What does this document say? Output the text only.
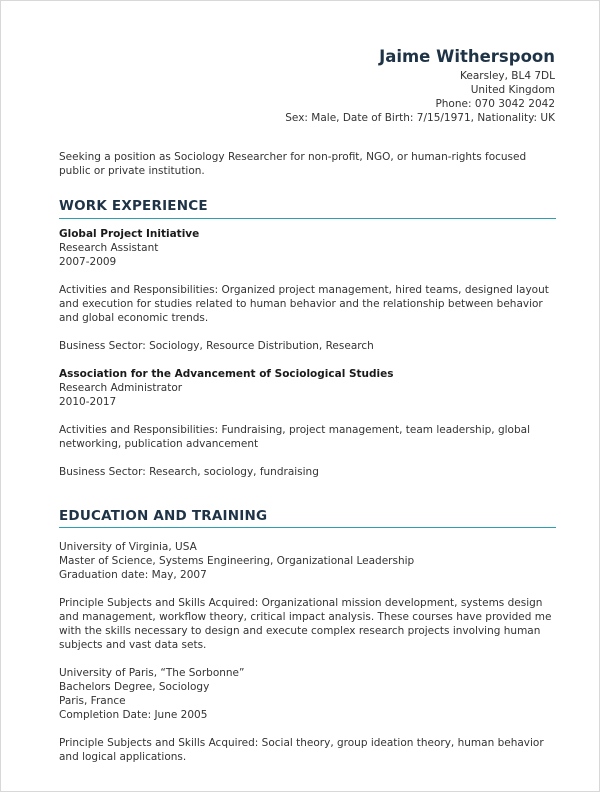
Jaime Witherspoon
Kearsley, BL4 7DL
United Kingdom
Phone: 070 3042 2042
Sex: Male, Date of Birth: 7/15/1971, Nationality: UK
Seeking a position as Sociology Researcher for non-profit, NGO, or human-rights focused public or private institution.
WORK EXPERIENCE
Global Project Initiative
Research Assistant
2007-2009
Activities and Responsibilities: Organized project management, hired teams, designed layout and execution for studies related to human behavior and the relationship between behavior and global economic trends.
Business Sector: Sociology, Resource Distribution, Research
Association for the Advancement of Sociological Studies
Research Administrator
2010-2017
Activities and Responsibilities: Fundraising, project management, team leadership, global networking, publication advancement
Business Sector: Research, sociology, fundraising
EDUCATION AND TRAINING
University of Virginia, USA
Master of Science, Systems Engineering, Organizational Leadership
Graduation date: May, 2007
Principle Subjects and Skills Acquired: Organizational mission development, systems design and management, workflow theory, critical impact analysis. These courses have provided me with the skills necessary to design and execute complex research projects involving human subjects and vast data sets.
University of Paris, “The Sorbonne”
Bachelors Degree, Sociology
Paris, France
Completion Date: June 2005
Principle Subjects and Skills Acquired: Social theory, group ideation theory, human behavior and logical applications.
